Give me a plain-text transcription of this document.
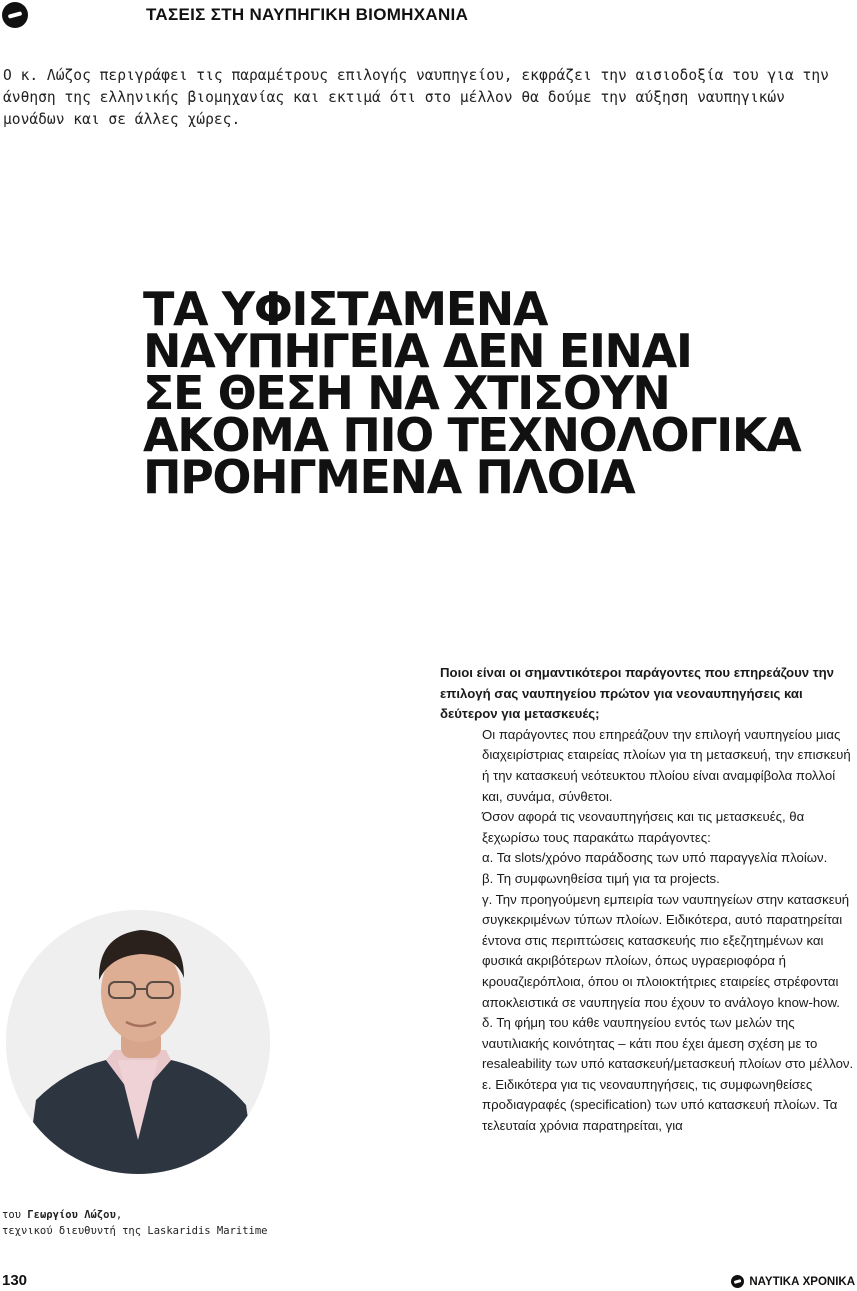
ΤΑΣΕΙΣ ΣΤΗ ΝΑΥΠΗΓΙΚΗ ΒΙΟΜΗΧΑΝΙΑ
Ο κ. Λώζος περιγράφει τις παραμέτρους επιλογής ναυπηγείου, εκφράζει την αισιοδοξία του για την άνθηση της ελληνικής βιομηχανίας και εκτιμά ότι στο μέλλον θα δούμε την αύξηση ναυπηγικών μονάδων και σε άλλες χώρες.
ΤΑ ΥΦΙΣΤΑΜΕΝΑ
ΝΑΥΠΗΓΕΙΑ ΔΕΝ ΕΙΝΑΙ
ΣΕ ΘΕΣΗ ΝΑ ΧΤΙΣΟΥΝ
ΑΚΟΜΑ ΠΙΟ ΤΕΧΝΟΛΟΓΙΚΑ
ΠΡΟΗΓΜΕΝΑ ΠΛΟΙΑ
του Γεωργίου Λώζου,
τεχνικού διευθυντή της Laskaridis Maritime

Ποιοι είναι οι σημαντικότεροι παράγοντες που επηρεάζουν την επιλογή σας ναυπηγείου πρώτον για νεοναυπηγήσεις και δεύτερον για μετασκευές;

Οι παράγοντες που επηρεάζουν την επιλογή ναυπηγείου μιας διαχειρίστριας εταιρείας πλοίων για τη μετασκευή, την επισκευή ή την κατασκευή νεότευκτου πλοίου είναι αναμφίβολα πολλοί και, συνάμα, σύνθετοι.

Όσον αφορά τις νεοναυπηγήσεις και τις μετασκευές, θα ξεχωρίσω τους παρακάτω παράγοντες:

α. Τα slots/χρόνο παράδοσης των υπό παραγγελία πλοίων.

β. Τη συμφωνηθείσα τιμή για τα projects.

γ. Την προηγούμενη εμπειρία των ναυπηγείων στην κατασκευή συγκεκριμένων τύπων πλοίων. Ειδικότερα, αυτό παρατηρείται έντονα στις περιπτώσεις κατασκευής πιο εξεζητημένων και φυσικά ακριβότερων πλοίων, όπως υγραεριοφόρα ή κρουαζιερόπλοια, όπου οι πλοιοκτήτριες εταιρείες στρέφονται αποκλειστικά σε ναυπηγεία που έχουν το ανάλογο know-how.

δ. Τη φήμη του κάθε ναυπηγείου εντός των μελών της ναυτιλιακής κοινότητας – κάτι που έχει άμεση σχέση με το resaleability των υπό κατασκευή/μετασκευή πλοίων στο μέλλον.

ε. Ειδικότερα για τις νεοναυπηγήσεις, τις συμφωνηθείσες προδιαγραφές (specification) των υπό κατασκευή πλοίων. Τα τελευταία χρόνια παρατηρείται, για

130	ΝΑΥΤΙΚΑ ΧΡΟΝΙΚΑ
